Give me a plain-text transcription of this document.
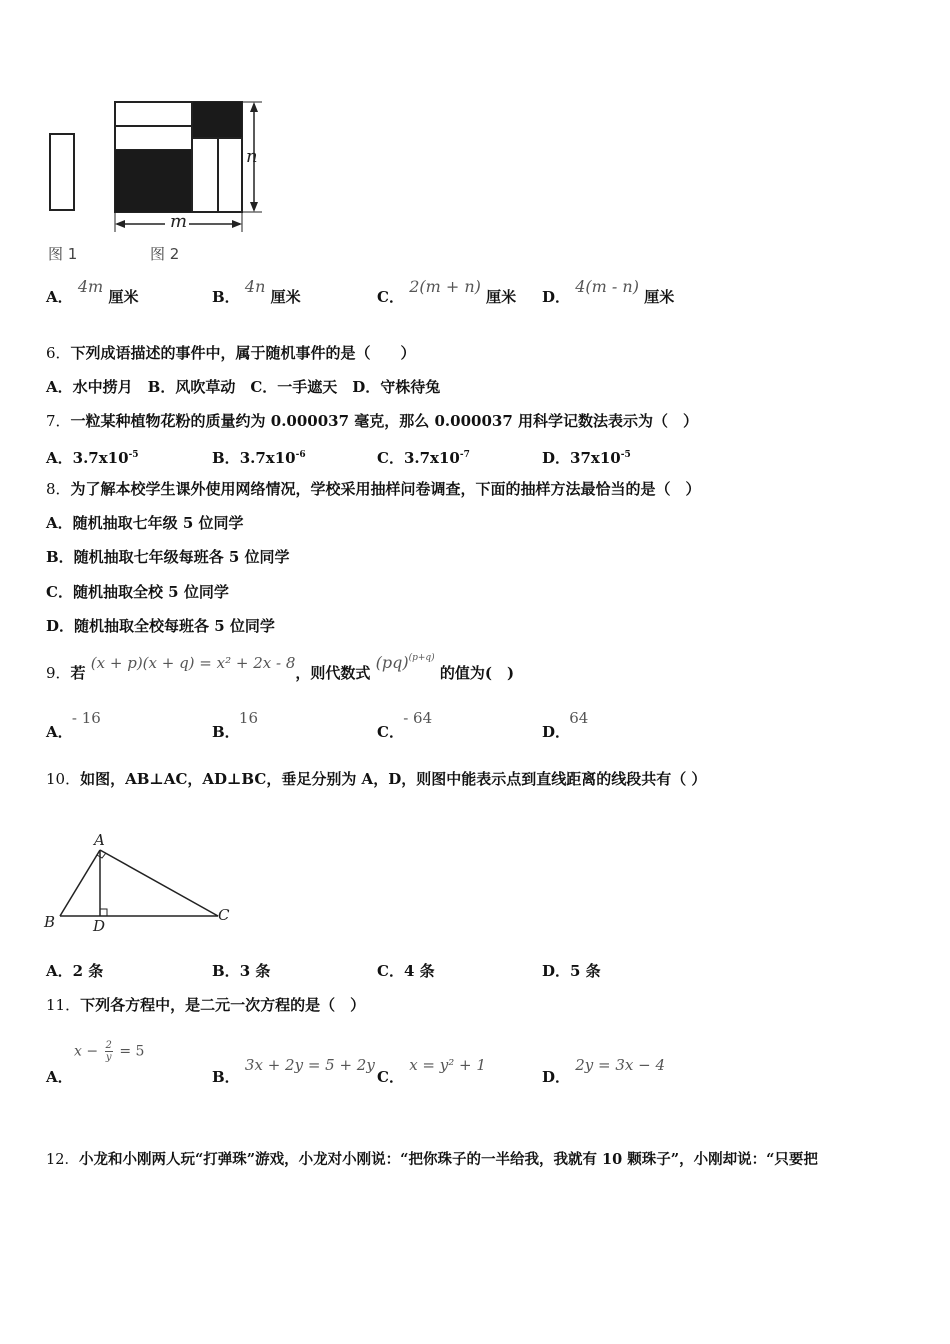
n
m
图 1	图 2
A． 4m 厘米	B． 4n 厘米	C． 2(m + n) 厘米 D． 4(m - n) 厘米
6．下列成语描述的事件中，属于随机事件的是（　　）
A．水中捞月　B．风吹草动　C．一手遮天　D．守株待兔
7．一粒某种植物花粉的质量约为 0.000037 毫克，那么 0.000037 用科学记数法表示为（　）
A．$3.7x10^{-5}$	B．$3.7x10^{-6}$	C．$3.7x10^{-7}$	D．$37x10^{-5}$
8．为了解本校学生课外使用网络情况，学校采用抽样问卷调查，下面的抽样方法最恰当的是（　）
A．随机抽取七年级 5 位同学
B．随机抽取七年级每班各 5 位同学
C．随机抽取全校 5 位同学
D．随机抽取全校每班各 5 位同学
9．若 (x + p)(x + q) = x² + 2x - 8，则代数式 (pq)$^{(p+q)}$ 的值为(　)
A． - 16
B． 16
C． - 64
D． 64
10．如图，AB⊥AC，AD⊥BC，垂足分别为 A，D，则图中能表示点到直线距离的线段共有（ ）
A
B	C
D
A．2 条	B．3 条	C．4 条	D．5 条
11．下列各方程中，是二元一次方程的是（　）
A．
$x - \frac{2}{y} = 5$
B． 3x + 2y = 5 + 2y
C． x = y² + 1
D． 2y = 3x − 4
12．小龙和小刚两人玩“打弹珠”游戏，小龙对小刚说：“把你珠子的一半给我，我就有 10 颗珠子”，小刚却说：“只要把
